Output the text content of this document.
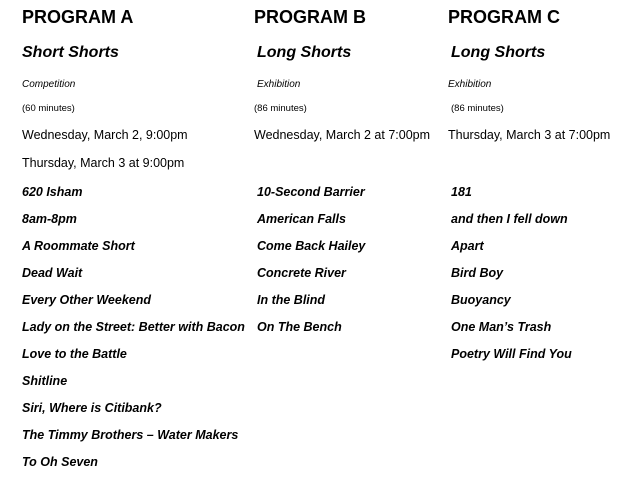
PROGRAM A
Short Shorts
Competition
(60 minutes)
Wednesday, March 2, 9:00pm
Thursday, March 3 at 9:00pm
620 Isham
8am-8pm
A Roommate Short
Dead Wait
Every Other Weekend
Lady on the Street: Better with Bacon
Love to the Battle
Shitline
Siri, Where is Citibank?
The Timmy Brothers – Water Makers
To Oh Seven
PROGRAM B
Long Shorts
Exhibition
(86 minutes)
Wednesday, March 2 at 7:00pm
10-Second Barrier
American Falls
Come Back Hailey
Concrete River
In the Blind
On The Bench
PROGRAM C
Long Shorts
Exhibition
(86 minutes)
Thursday, March 3 at 7:00pm
181
and then I fell down
Apart
Bird Boy
Buoyancy
One Man’s Trash
Poetry Will Find You
